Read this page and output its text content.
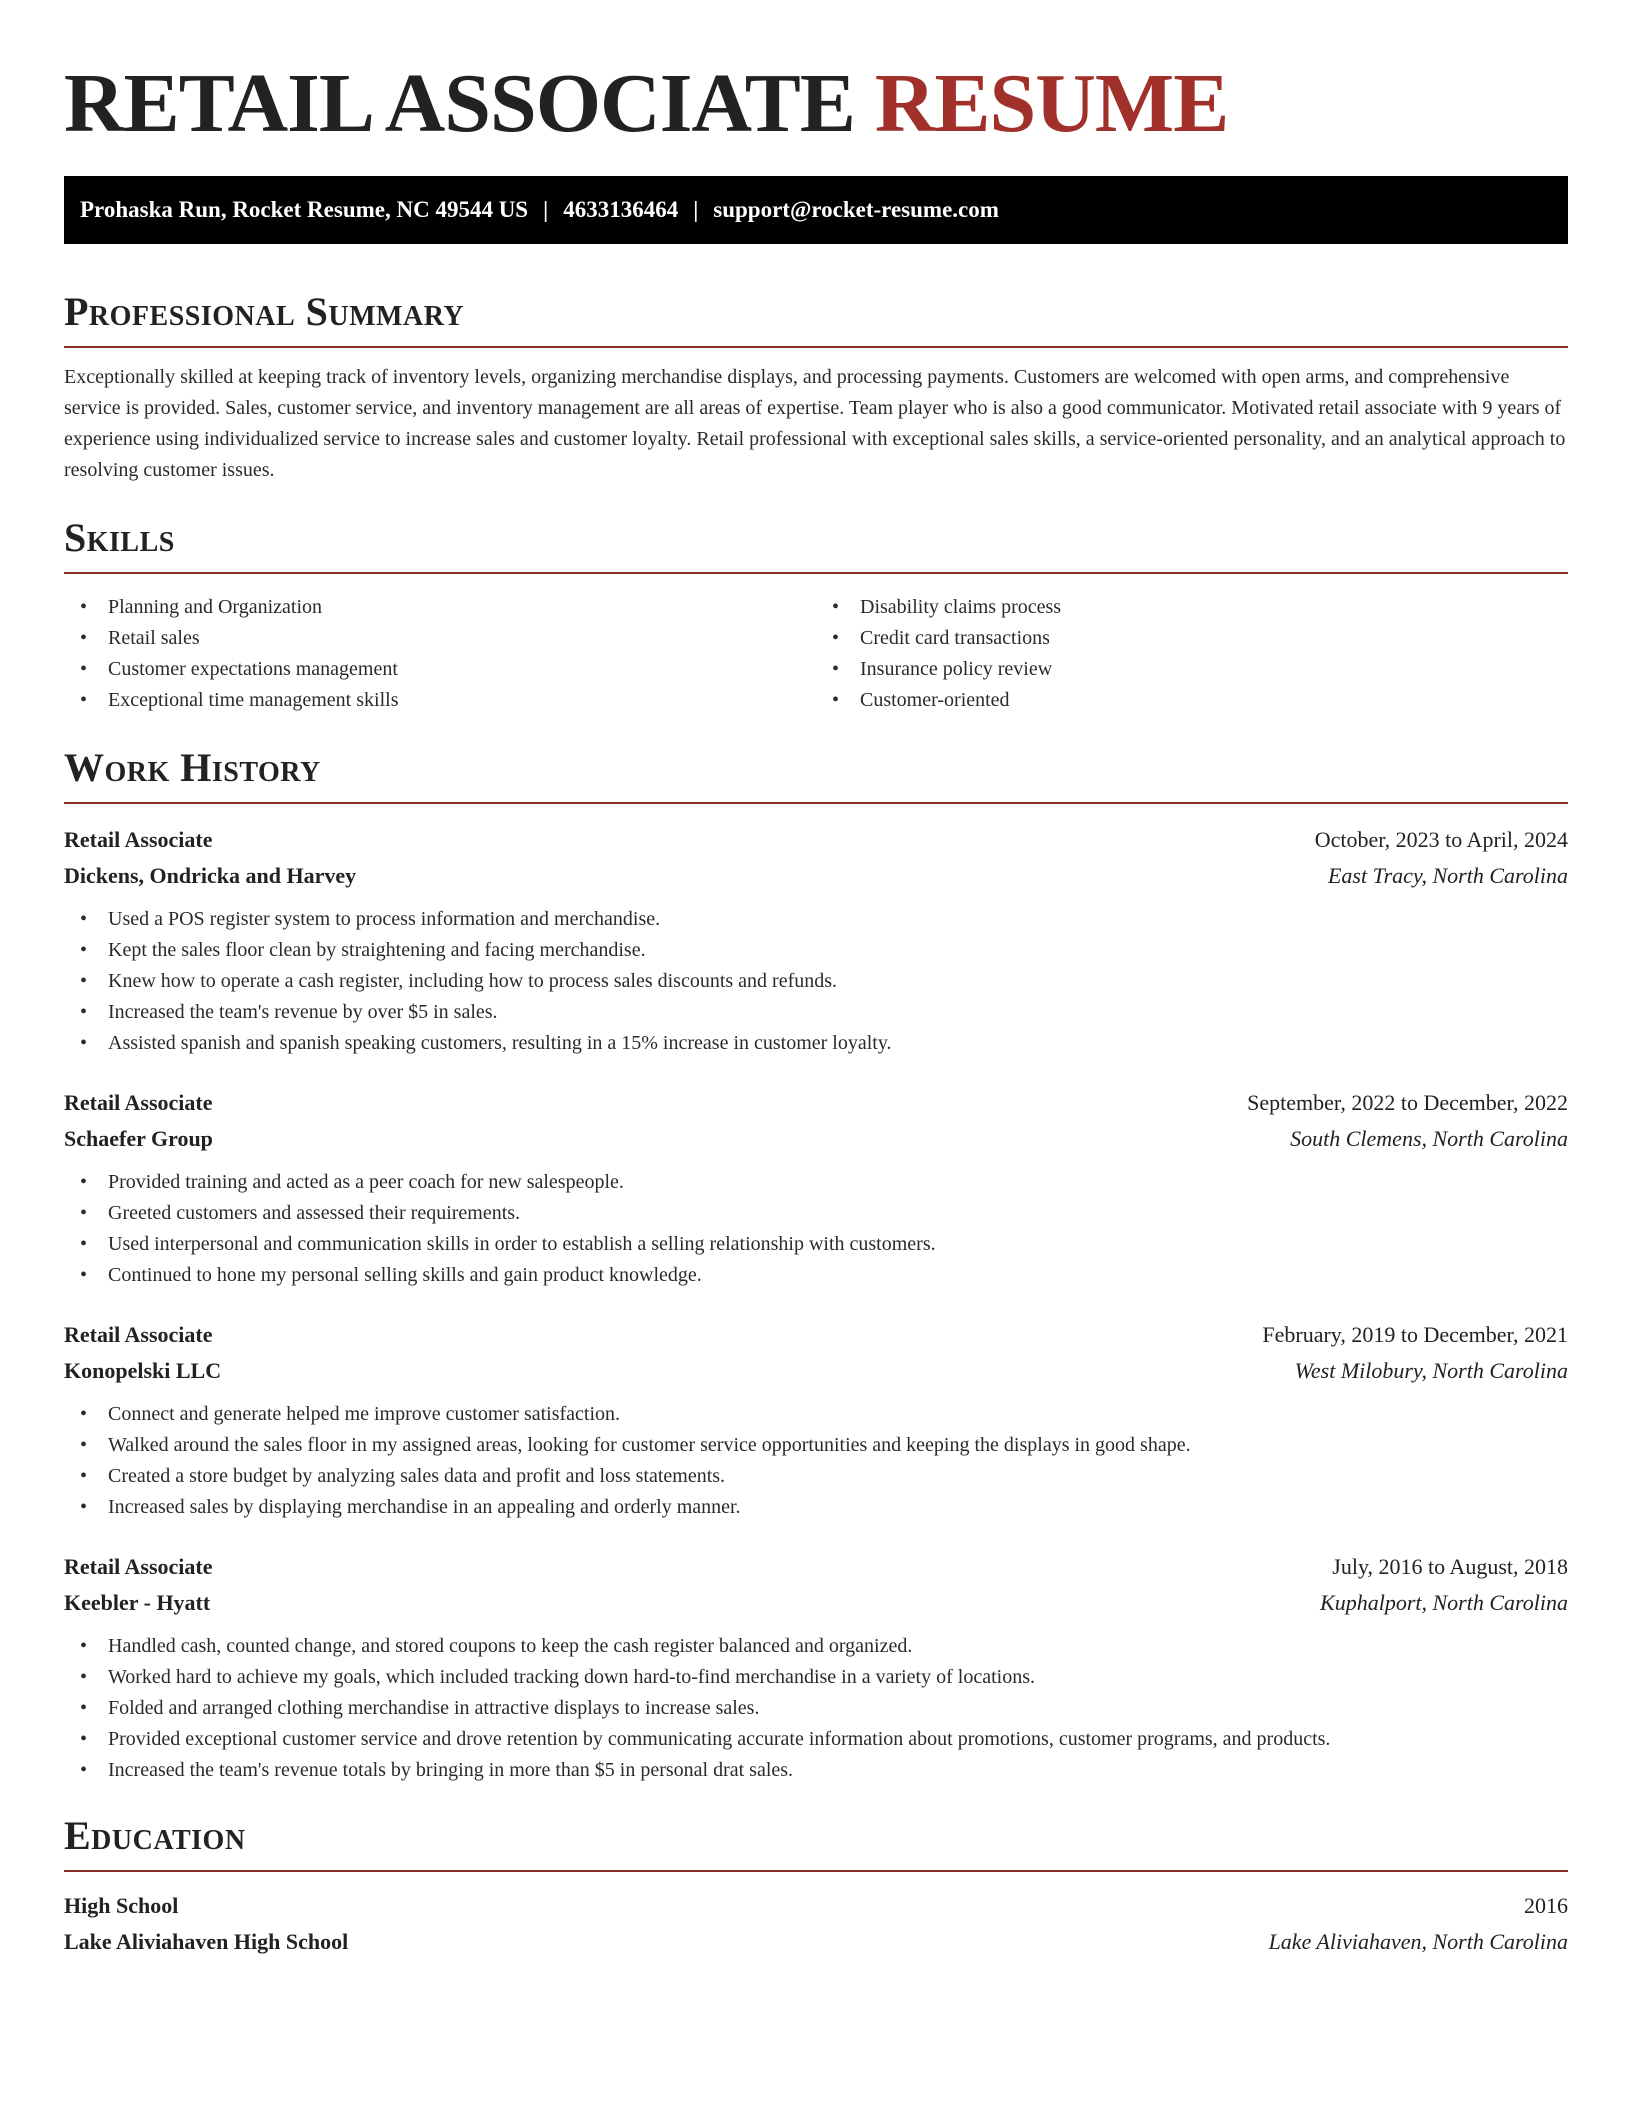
RETAIL ASSOCIATE RESUME
Prohaska Run, Rocket Resume, NC 49544 US | 4633136464 | support@rocket-resume.com
Professional Summary

Exceptionally skilled at keeping track of inventory levels, organizing merchandise displays, and processing payments. Customers are welcomed with open arms, and comprehensive service is provided. Sales, customer service, and inventory management are all areas of expertise. Team player who is also a good communicator. Motivated retail associate with 9 years of experience using individualized service to increase sales and customer loyalty. Retail professional with exceptional sales skills, a service-oriented personality, and an analytical approach to resolving customer issues.

Skills
• Planning and Organization
• Retail sales
• Customer expectations management
• Exceptional time management skills
• Disability claims process
• Credit card transactions
• Insurance policy review
• Customer-oriented
Work History
Retail Associate	October, 2023 to April, 2024
Dickens, Ondricka and Harvey	East Tracy, North Carolina
• Used a POS register system to process information and merchandise.
• Kept the sales floor clean by straightening and facing merchandise.
• Knew how to operate a cash register, including how to process sales discounts and refunds.
• Increased the team's revenue by over $5 in sales.
• Assisted spanish and spanish speaking customers, resulting in a 15% increase in customer loyalty.
Retail Associate	September, 2022 to December, 2022
Schaefer Group	South Clemens, North Carolina
• Provided training and acted as a peer coach for new salespeople.
• Greeted customers and assessed their requirements.
• Used interpersonal and communication skills in order to establish a selling relationship with customers.
• Continued to hone my personal selling skills and gain product knowledge.
Retail Associate	February, 2019 to December, 2021
Konopelski LLC	West Milobury, North Carolina
• Connect and generate helped me improve customer satisfaction.
• Walked around the sales floor in my assigned areas, looking for customer service opportunities and keeping the displays in good shape.
• Created a store budget by analyzing sales data and profit and loss statements.
• Increased sales by displaying merchandise in an appealing and orderly manner.
Retail Associate	July, 2016 to August, 2018
Keebler - Hyatt	Kuphalport, North Carolina
• Handled cash, counted change, and stored coupons to keep the cash register balanced and organized.
• Worked hard to achieve my goals, which included tracking down hard-to-find merchandise in a variety of locations.
• Folded and arranged clothing merchandise in attractive displays to increase sales.
• Provided exceptional customer service and drove retention by communicating accurate information about promotions, customer programs, and products.
• Increased the team's revenue totals by bringing in more than $5 in personal drat sales.
Education
High School	2016
Lake Aliviahaven High School	Lake Aliviahaven, North Carolina
